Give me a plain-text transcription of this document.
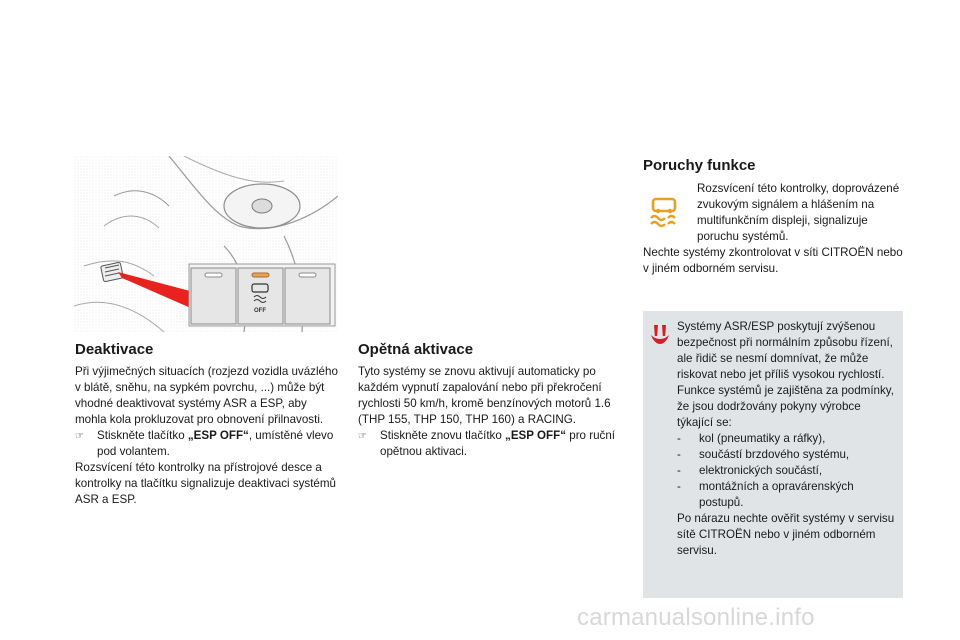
OFF
Deaktivace

Při výjimečných situacích (rozjezd vozidla uvázlého v blátě, sněhu, na sypkém povrchu, ...) může být vhodné deaktivovat systémy ASR a ESP, aby mohla kola prokluzovat pro obnovení přilnavosti.

☞	Stiskněte tlačítko „ESP OFF“, umístěné vlevo pod volantem.

Rozsvícení této kontrolky na přístrojové desce a kontrolky na tlačítku signalizuje deaktivaci systémů ASR a ESP.

Opětná aktivace

Tyto systémy se znovu aktivují automaticky po každém vypnutí zapalování nebo při překročení rychlosti 50 km/h, kromě benzínových motorů 1.6 (THP 155, THP 150, THP 160) a RACING.

☞	Stiskněte znovu tlačítko „ESP OFF“ pro ruční opětnou aktivaci.
Poruchy funkce
Rozsvícení této kontrolky, doprovázené zvukovým signálem a hlášením na multifunkčním displeji, signalizuje poruchu systémů.
Nechte systémy zkontrolovat v síti CITROËN nebo v jiném odborném servisu.

Systémy ASR/ESP poskytují zvýšenou bezpečnost při normálním způsobu řízení, ale řidič se nesmí domnívat, že může riskovat nebo jet příliš vysokou rychlostí.

Funkce systémů je zajištěna za podmínky, že jsou dodržovány pokyny výrobce týkající se:

-	kol (pneumatiky a ráfky),
-	součástí brzdového systému,
-	elektronických součástí,
-	montážních a opravárenských postupů.

Po nárazu nechte ověřit systémy v servisu sítě CITROËN nebo v jiném odborném servisu.

carmanualsonline.info
